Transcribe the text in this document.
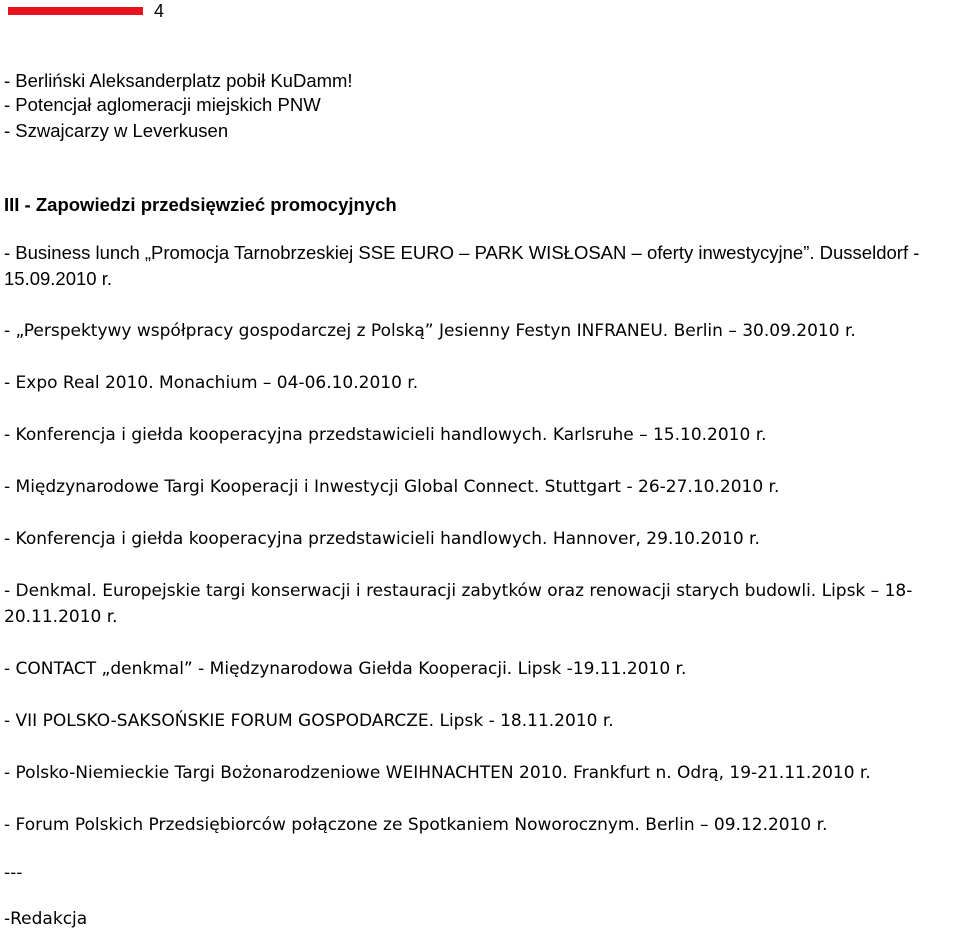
4

- Berliński Aleksanderplatz pobił KuDamm!

- Potencjał aglomeracji miejskich PNW

- Szwajcarzy w Leverkusen

III - Zapowiedzi przedsięwzieć promocyjnych

- Business lunch „Promocja Tarnobrzeskiej SSE EURO – PARK WISŁOSAN – oferty inwestycyjne”. Dusseldorf -

15.09.2010 r.

- „Perspektywy współpracy gospodarczej z Polską” Jesienny Festyn INFRANEU. Berlin – 30.09.2010 r.

- Expo Real 2010. Monachium – 04-06.10.2010 r.

- Konferencja i giełda kooperacyjna przedstawicieli handlowych. Karlsruhe – 15.10.2010 r.

- Międzynarodowe Targi Kooperacji i Inwestycji Global Connect. Stuttgart - 26-27.10.2010 r.

- Konferencja i giełda kooperacyjna przedstawicieli handlowych. Hannover, 29.10.2010 r.

- Denkmal. Europejskie targi konserwacji i restauracji zabytków oraz renowacji starych budowli. Lipsk – 18-

20.11.2010 r.

- CONTACT „denkmal” - Międzynarodowa Giełda Kooperacji. Lipsk -19.11.2010 r.

- VII POLSKO-SAKSOŃSKIE FORUM GOSPODARCZE. Lipsk - 18.11.2010 r.

- Polsko-Niemieckie Targi Bożonarodzeniowe WEIHNACHTEN 2010. Frankfurt n. Odrą, 19-21.11.2010 r.

- Forum Polskich Przedsiębiorców połączone ze Spotkaniem Noworocznym. Berlin – 09.12.2010 r.

---

-Redakcja
